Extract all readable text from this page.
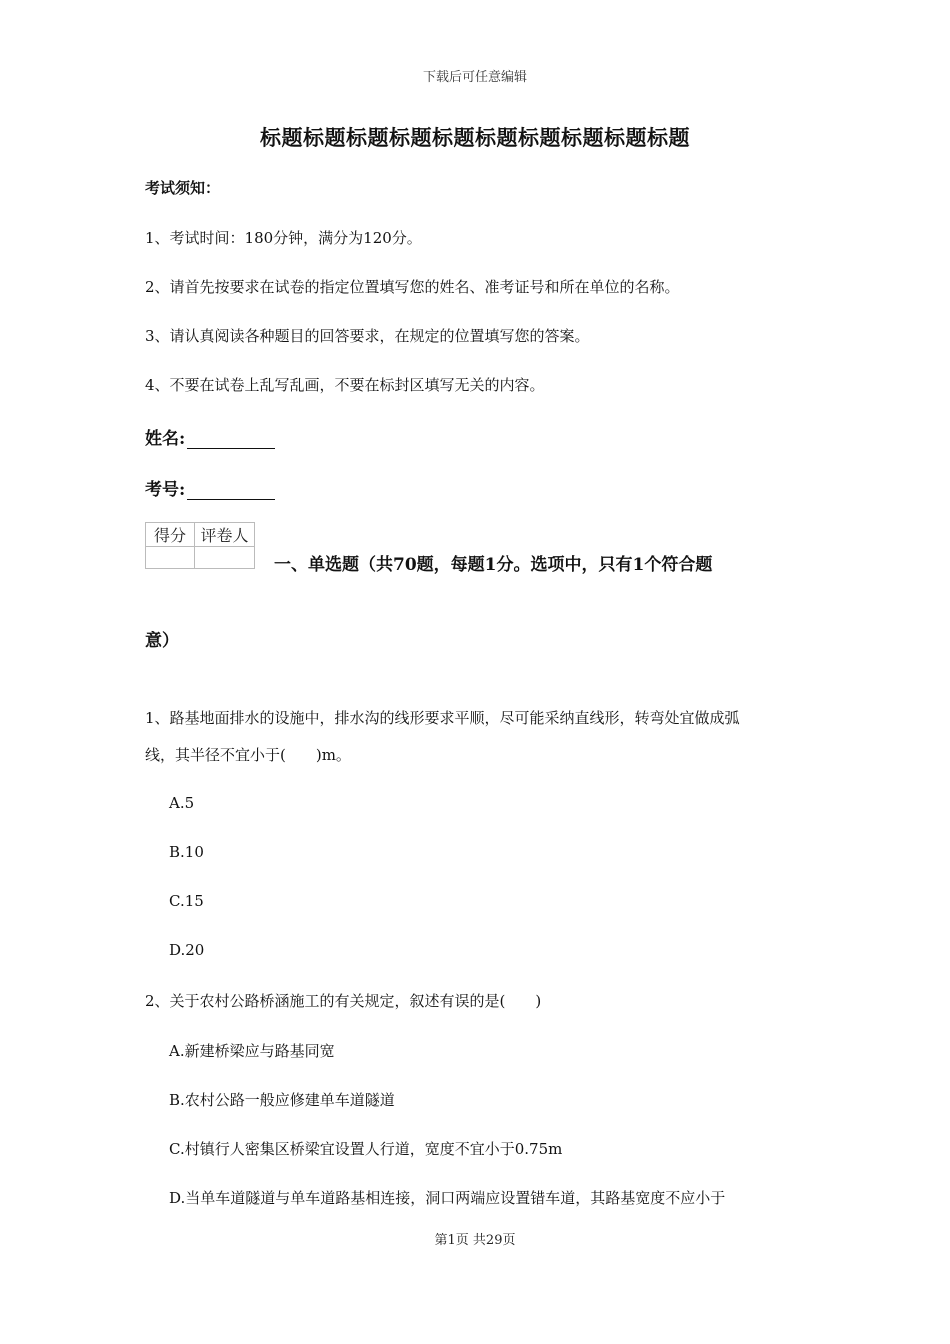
下载后可任意编辑
标题标题标题标题标题标题标题标题标题标题
考试须知：
1、考试时间：180分钟，满分为120分。
2、请首先按要求在试卷的指定位置填写您的姓名、准考证号和所在单位的名称。
3、请认真阅读各种题目的回答要求，在规定的位置填写您的答案。
4、不要在试卷上乱写乱画，不要在标封区填写无关的内容。
姓名:
考号:
得分	评卷人

一、单选题（共70题，每题1分。选项中，只有1个符合题
意）
1、路基地面排水的设施中，排水沟的线形要求平顺，尽可能采纳直线形，转弯处宜做成弧
线，其半径不宜小于(　　)m。
A.5
B.10
C.15
D.20
2、关于农村公路桥涵施工的有关规定，叙述有误的是(　　)
A.新建桥梁应与路基同宽
B.农村公路一般应修建单车道隧道
C.村镇行人密集区桥梁宜设置人行道，宽度不宜小于0.75m
D.当单车道隧道与单车道路基相连接，洞口两端应设置错车道，其路基宽度不应小于
第1页 共29页
